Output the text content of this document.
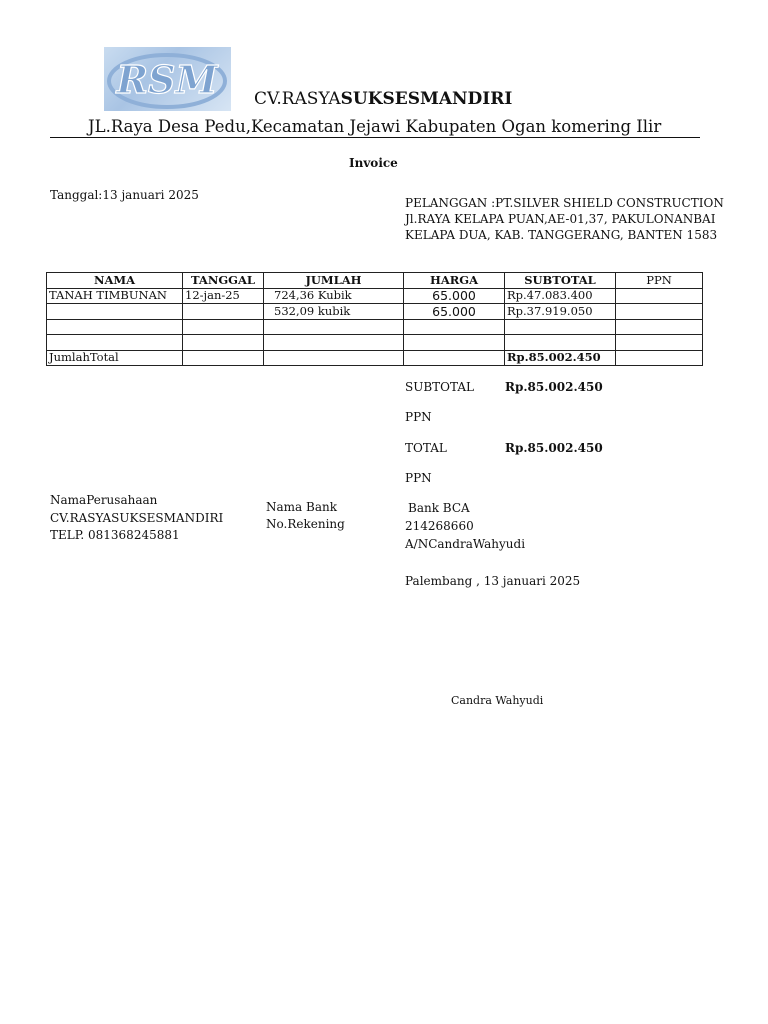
RSM CV.RASYASUKSESMANDIRI
JL.Raya Desa Pedu,Kecamatan Jejawi Kabupaten Ogan komering Ilir
Invoice
Tanggal:13 januari 2025
PELANGGAN :PT.SILVER SHIELD CONSTRUCTION
Jl.RAYA KELAPA PUAN,AE-01,37, PAKULONANBAI
KELAPA DUA, KAB. TANGGERANG, BANTEN 1583
NAMA	TANGGAL	JUMLAH	HARGA	SUBTOTAL	PPN
TANAH TIMBUNAN	12-jan-25	724,36 Kubik	65.000	Rp.47.083.400	
		532,09 kubik	65.000	Rp.37.919.050	

JumlahTotal				Rp.85.002.450	
SUBTOTAL	Rp.85.002.450
PPN
TOTAL	Rp.85.002.450
PPN
NamaPerusahaan
CV.RASYASUKSESMANDIRI
TELP. 081368245881
Nama Bank
No.Rekening
Bank BCA
214268660
A/NCandraWahyudi
Palembang , 13 januari 2025
Candra Wahyudi
